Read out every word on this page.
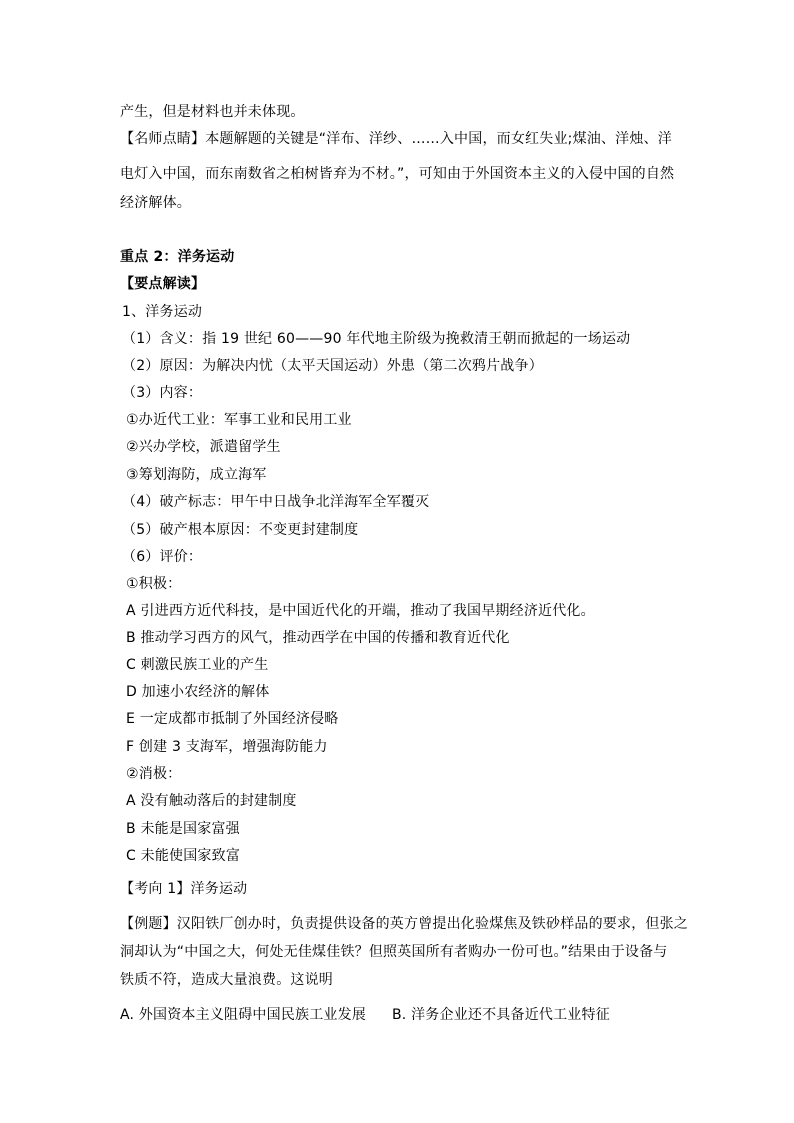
产生，但是材料也并未体现。
【名师点睛】本题解题的关键是“洋布、洋纱、……入中国，而女红失业;煤油、洋烛、洋
电灯入中国，而东南数省之桕树皆弃为不材。”，可知由于外国资本主义的入侵中国的自然
经济解体。
重点 2：洋务运动
【要点解读】
1、洋务运动
（1）含义：指 19 世纪 60——90 年代地主阶级为挽救清王朝而掀起的一场运动
（2）原因：为解决内忧（太平天国运动）外患（第二次鸦片战争）
（3）内容：
①办近代工业：军事工业和民用工业
②兴办学校，派遣留学生
③筹划海防，成立海军
（4）破产标志：甲午中日战争北洋海军全军覆灭
（5）破产根本原因：不变更封建制度
（6）评价：
①积极：
A 引进西方近代科技，是中国近代化的开端，推动了我国早期经济近代化。
B 推动学习西方的风气，推动西学在中国的传播和教育近代化
C 刺激民族工业的产生
D 加速小农经济的解体
E 一定成都市抵制了外国经济侵略
F 创建 3 支海军，增强海防能力
②消极：
A 没有触动落后的封建制度
B 未能是国家富强
C 未能使国家致富
【考向 1】洋务运动
【例题】汉阳铁厂创办时，负责提供设备的英方曾提出化验煤焦及铁砂样品的要求，但张之
洞却认为“中国之大，何处无佳煤佳铁？但照英国所有者购办一份可也。”结果由于设备与
铁质不符，造成大量浪费。这说明
A. 外国资本主义阻碍中国民族工业发展 B. 洋务企业还不具备近代工业特征
